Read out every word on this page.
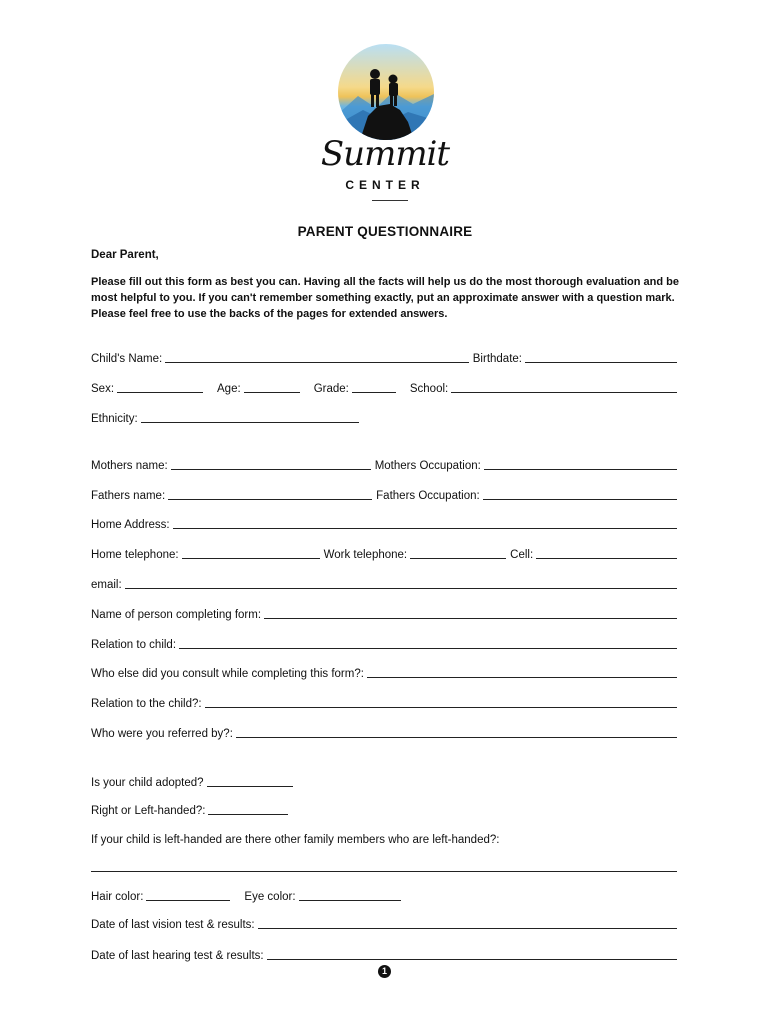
Summit
CENTER
PARENT QUESTIONNAIRE
Dear Parent,
Please fill out this form as best you can. Having all the facts will help us do the most thorough evaluation and be most helpful to you. If you can't remember something exactly, put an approximate answer with a question mark. Please feel free to use the backs of the pages for extended answers.
Child's Name:	Birthdate:
Sex:	Age:	Grade:	School:
Ethnicity:
Mothers name:	Mothers Occupation:
Fathers name:	Fathers Occupation:
Home Address:
Home telephone:	Work telephone:	Cell:
email:
Name of person completing form:
Relation to child:
Who else did you consult while completing this form?:
Relation to the child?:
Who were you referred by?:
Is your child adopted?
Right or Left-handed?:
If your child is left-handed are there other family members who are left-handed?:
Hair color:	Eye color:
Date of last vision test & results:
Date of last hearing test & results:
1
